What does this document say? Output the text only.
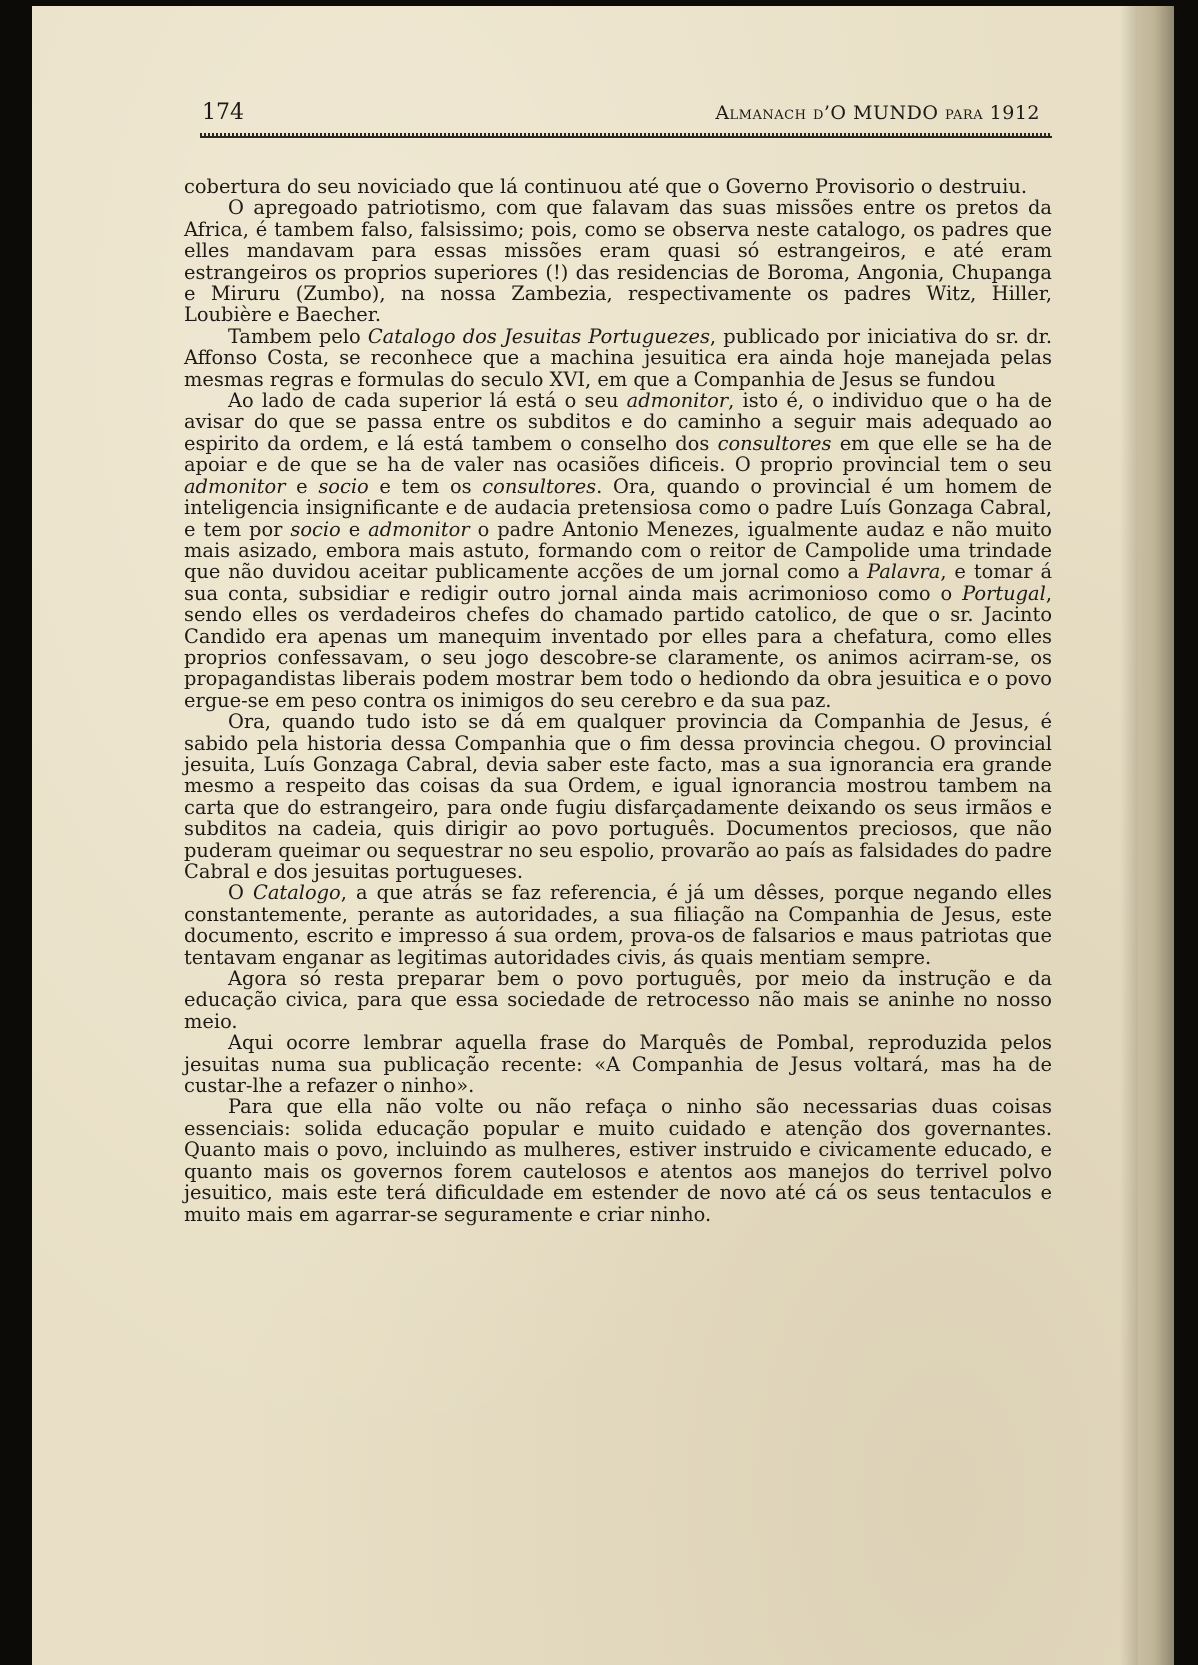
174	Almanach d’O MUNDO para 1912

cobertura do seu noviciado que lá continuou até que o Governo Provisorio o destruiu.

O apregoado patriotismo, com que falavam das suas missões entre os pretos da Africa, é tambem falso, falsissimo; pois, como se observa neste catalogo, os padres que elles mandavam para essas missões eram quasi só estrangeiros, e até eram estrangeiros os proprios superiores (!) das residencias de Boroma, Angonia, Chupanga e Miruru (Zumbo), na nossa Zambezia, respectivamente os padres Witz, Hiller, Loubière e Baecher.

Tambem pelo Catalogo dos Jesuitas Portuguezes, publicado por iniciativa do sr. dr. Affonso Costa, se reconhece que a machina jesuitica era ainda hoje manejada pelas mesmas regras e formulas do seculo XVI, em que a Companhia de Jesus se fundou

Ao lado de cada superior lá está o seu admonitor, isto é, o individuo que o ha de avisar do que se passa entre os subditos e do caminho a seguir mais adequado ao espirito da ordem, e lá está tambem o conselho dos consultores em que elle se ha de apoiar e de que se ha de valer nas ocasiões dificeis. O proprio provincial tem o seu admonitor e socio e tem os consultores. Ora, quando o provincial é um homem de inteligencia insignificante e de audacia pretensiosa como o padre Luís Gonzaga Cabral, e tem por socio e admonitor o padre Antonio Menezes, igualmente audaz e não muito mais asizado, embora mais astuto, formando com o reitor de Campolide uma trindade que não duvidou aceitar publicamente acções de um jornal como a Palavra, e tomar á sua conta, subsidiar e redigir outro jornal ainda mais acrimonioso como o Portugal, sendo elles os verdadeiros chefes do chamado partido catolico, de que o sr. Jacinto Candido era apenas um manequim inventado por elles para a chefatura, como elles proprios confessavam, o seu jogo descobre-se claramente, os animos acirram-se, os propagandistas liberais podem mostrar bem todo o hediondo da obra jesuitica e o povo ergue-se em peso contra os inimigos do seu cerebro e da sua paz.

Ora, quando tudo isto se dá em qualquer provincia da Companhia de Jesus, é sabido pela historia dessa Companhia que o fim dessa provincia chegou. O provincial jesuita, Luís Gonzaga Cabral, devia saber este facto, mas a sua ignorancia era grande mesmo a respeito das coisas da sua Ordem, e igual ignorancia mostrou tambem na carta que do estrangeiro, para onde fugiu disfarçadamente deixando os seus irmãos e subditos na cadeia, quis dirigir ao povo português. Documentos preciosos, que não puderam queimar ou sequestrar no seu espolio, provarão ao país as falsidades do padre Cabral e dos jesuitas portugueses.

O Catalogo, a que atrás se faz referencia, é já um dêsses, porque negando elles constantemente, perante as autoridades, a sua filiação na Companhia de Jesus, este documento, escrito e impresso á sua ordem, prova-os de falsarios e maus patriotas que tentavam enganar as legitimas autoridades civis, ás quais mentiam sempre.

Agora só resta preparar bem o povo português, por meio da instrução e da educação civica, para que essa sociedade de retrocesso não mais se aninhe no nosso meio.

Aqui ocorre lembrar aquella frase do Marquês de Pombal, reproduzida pelos jesuitas numa sua publicação recente: «A Companhia de Jesus voltará, mas ha de custar-lhe a refazer o ninho».

Para que ella não volte ou não refaça o ninho são necessarias duas coisas essenciais: solida educação popular e muito cuidado e atenção dos governantes. Quanto mais o povo, incluindo as mulheres, estiver instruido e civicamente educado, e quanto mais os governos forem cautelosos e atentos aos manejos do terrivel polvo jesuitico, mais este terá dificuldade em estender de novo até cá os seus tentaculos e muito mais em agarrar-se seguramente e criar ninho.
